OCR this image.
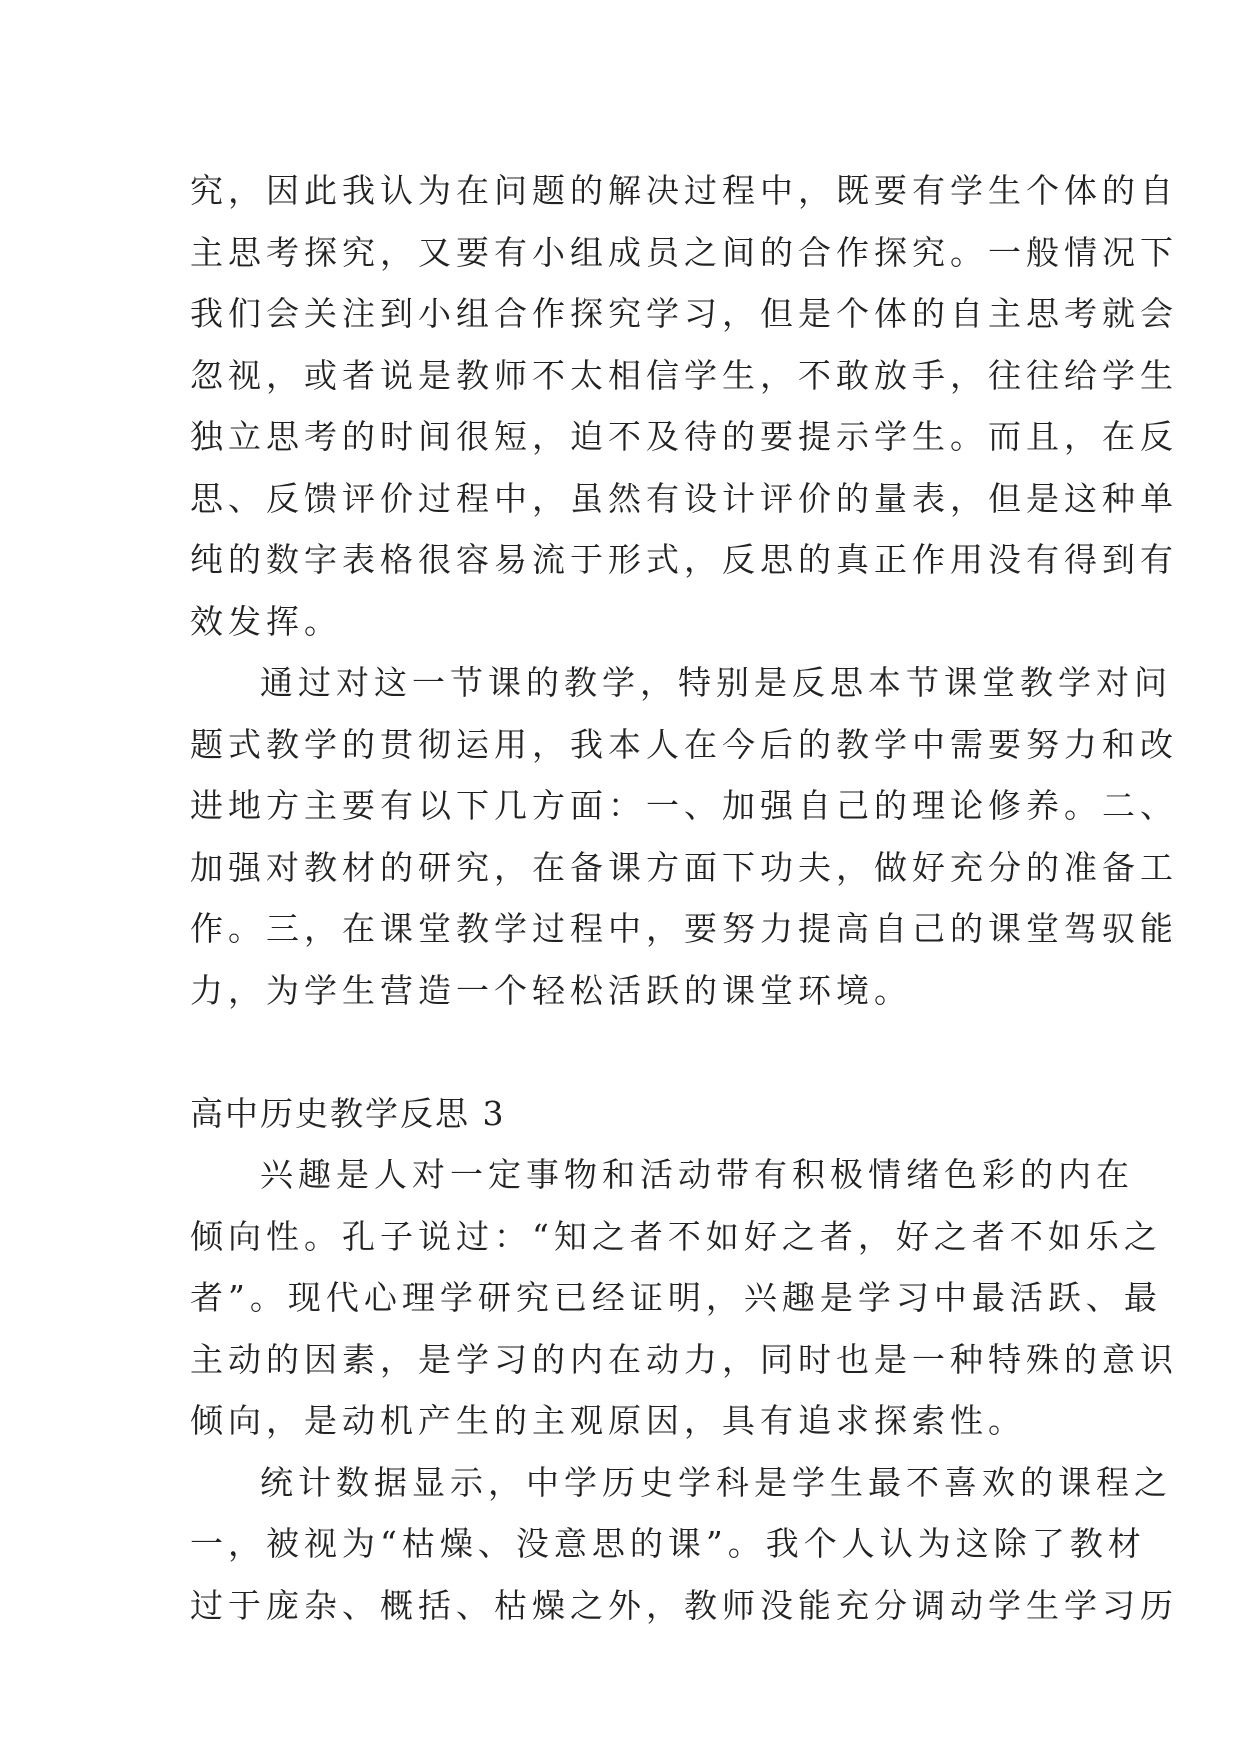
究，因此我认为在问题的解决过程中，既要有学生个体的自
主思考探究，又要有小组成员之间的合作探究。一般情况下
我们会关注到小组合作探究学习，但是个体的自主思考就会
忽视，或者说是教师不太相信学生，不敢放手，往往给学生
独立思考的时间很短，迫不及待的要提示学生。而且，在反
思、反馈评价过程中，虽然有设计评价的量表，但是这种单
纯的数字表格很容易流于形式，反思的真正作用没有得到有
效发挥。
通过对这一节课的教学，特别是反思本节课堂教学对问
题式教学的贯彻运用，我本人在今后的教学中需要努力和改
进地方主要有以下几方面：一、加强自己的理论修养。二、
加强对教材的研究，在备课方面下功夫，做好充分的准备工
作。三，在课堂教学过程中，要努力提高自己的课堂驾驭能
力，为学生营造一个轻松活跃的课堂环境。
高中历史教学反思 3
兴趣是人对一定事物和活动带有积极情绪色彩的内在
倾向性。孔子说过：“知之者不如好之者，好之者不如乐之
者”。现代心理学研究已经证明，兴趣是学习中最活跃、最
主动的因素，是学习的内在动力，同时也是一种特殊的意识
倾向，是动机产生的主观原因，具有追求探索性。
统计数据显示，中学历史学科是学生最不喜欢的课程之
一，被视为“枯燥、没意思的课”。我个人认为这除了教材
过于庞杂、概括、枯燥之外，教师没能充分调动学生学习历
